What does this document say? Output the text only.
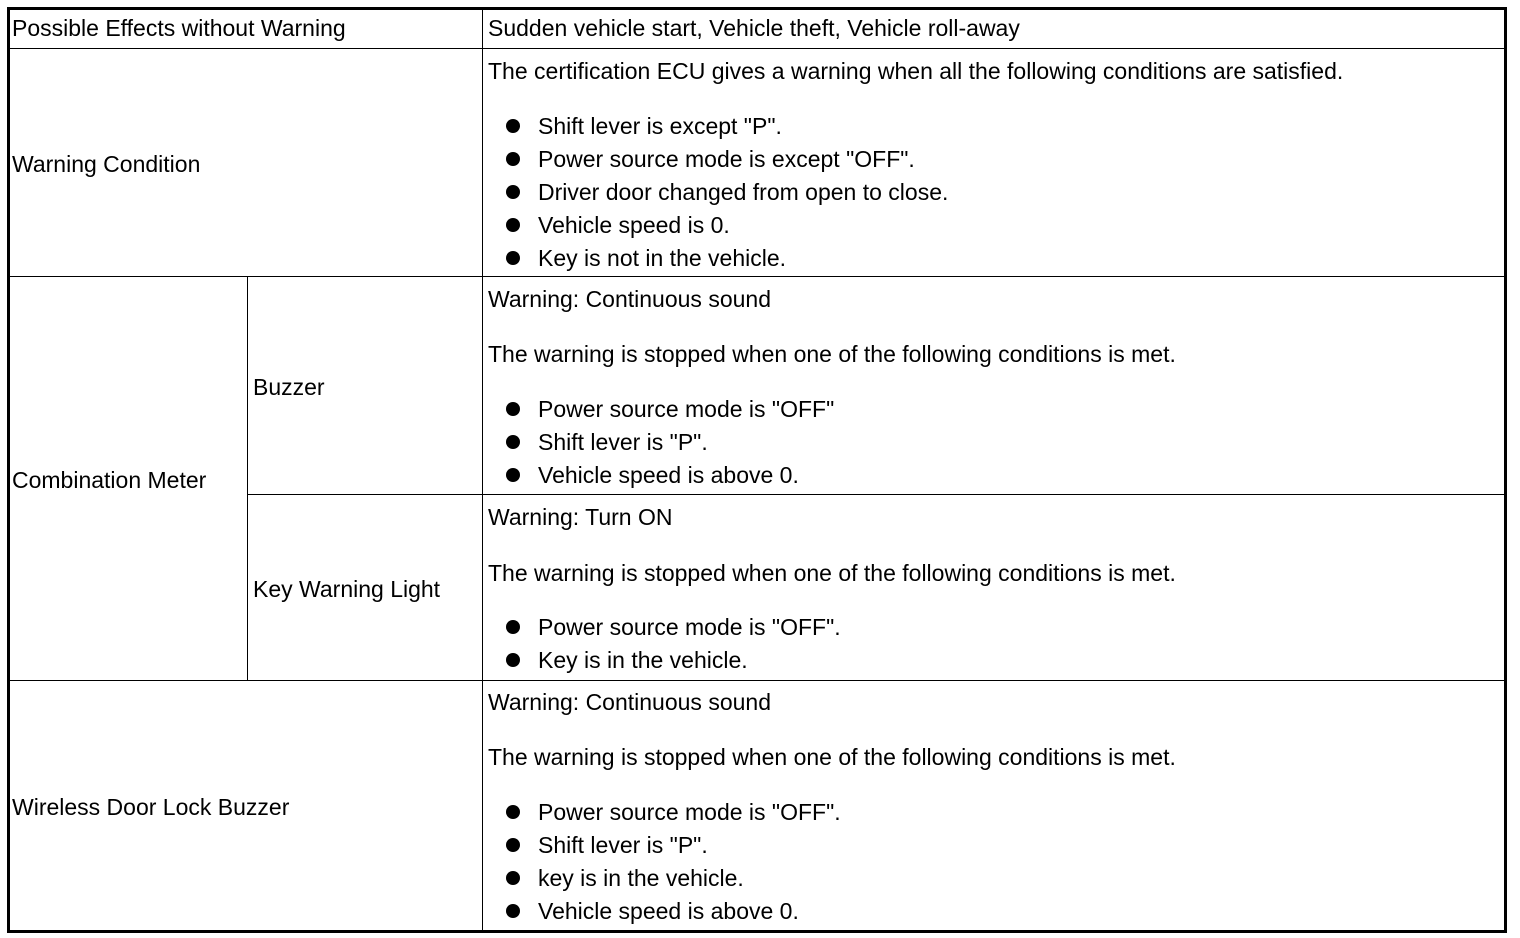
Possible Effects without Warning	Sudden vehicle start, Vehicle theft, Vehicle roll-away
Warning Condition
The certification ECU gives a warning when all the following conditions are satisfied.
Shift lever is except "P".
Power source mode is except "OFF".
Driver door changed from open to close.
Vehicle speed is 0.
Key is not in the vehicle.
Combination Meter
Buzzer
Warning: Continuous sound
The warning is stopped when one of the following conditions is met.
Power source mode is "OFF"
Shift lever is "P".
Vehicle speed is above 0.
Key Warning Light
Warning: Turn ON
The warning is stopped when one of the following conditions is met.
Power source mode is "OFF".
Key is in the vehicle.
Wireless Door Lock Buzzer
Warning: Continuous sound
The warning is stopped when one of the following conditions is met.
Power source mode is "OFF".
Shift lever is "P".
key is in the vehicle.
Vehicle speed is above 0.
